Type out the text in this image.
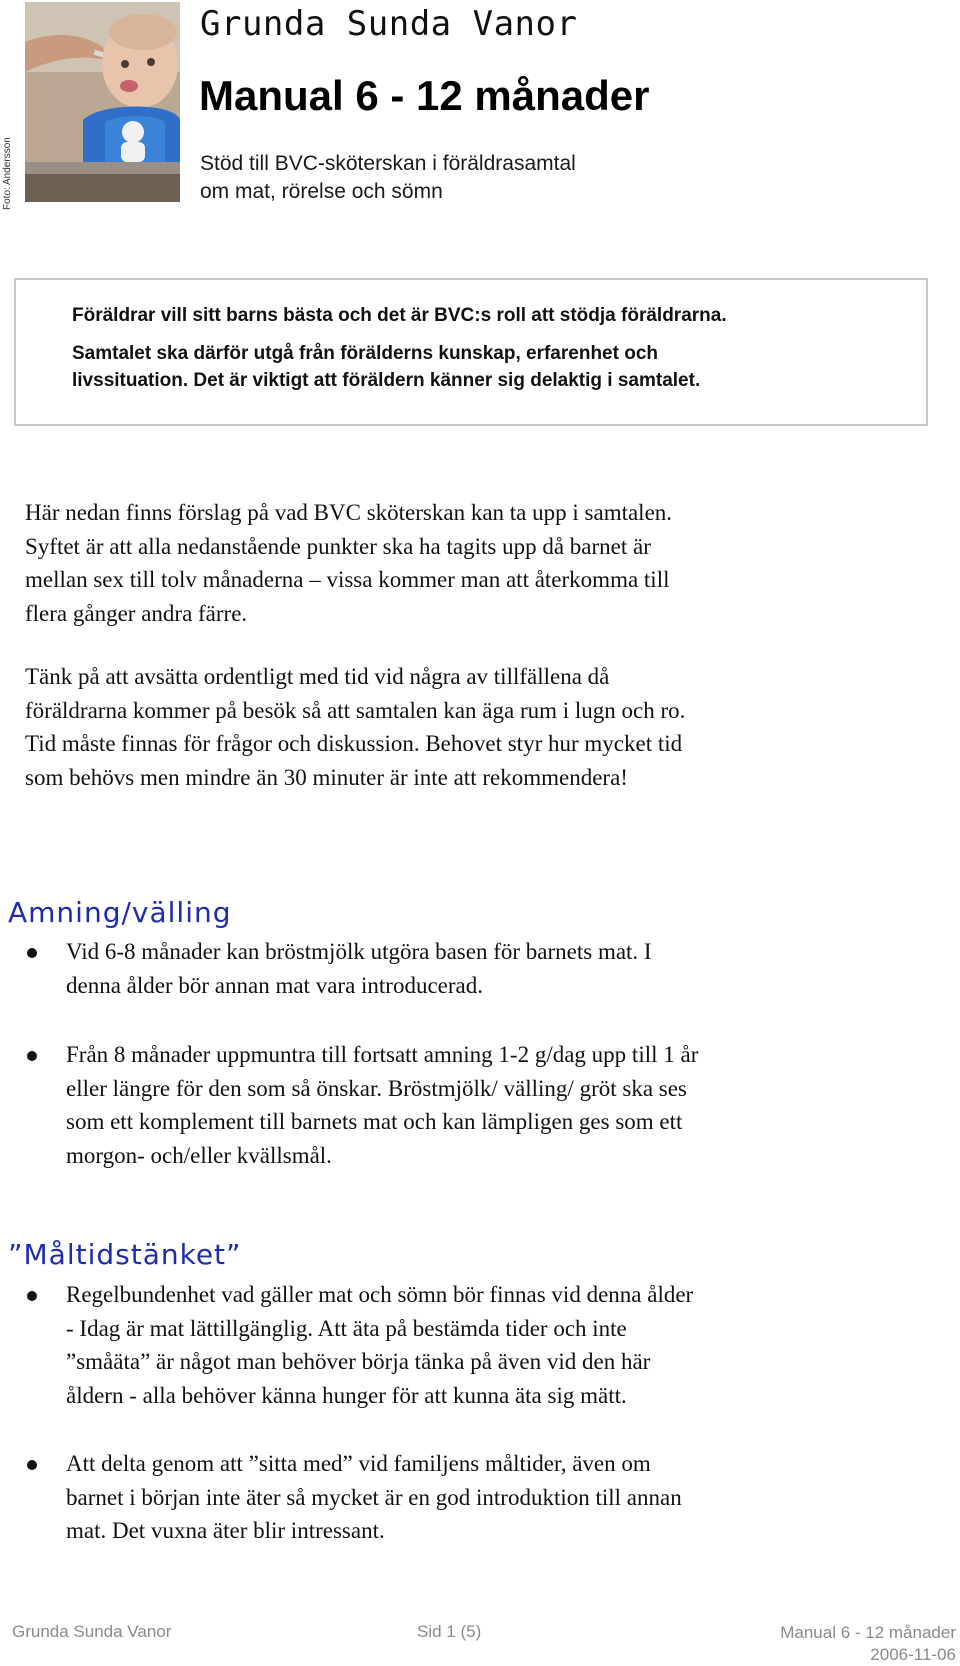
Foto: Andersson
Grunda Sunda Vanor
Manual 6 - 12 månader
Stöd till BVC-sköterskan i föräldrasamtal
om mat, rörelse och sömn

Föräldrar vill sitt barns bästa och det är BVC:s roll att stödja föräldrarna.

Samtalet ska därför utgå från förälderns kunskap, erfarenhet och
livssituation. Det är viktigt att föräldern känner sig delaktig i samtalet.

Här nedan finns förslag på vad BVC sköterskan kan ta upp i samtalen.
Syftet är att alla nedanstående punkter ska ha tagits upp då barnet är
mellan sex till tolv månaderna – vissa kommer man att återkomma till
flera gånger andra färre.

Tänk på att avsätta ordentligt med tid vid några av tillfällena då
föräldrarna kommer på besök så att samtalen kan äga rum i lugn och ro.
Tid måste finnas för frågor och diskussion. Behovet styr hur mycket tid
som behövs men mindre än 30 minuter är inte att rekommendera!

Amning/välling

Vid 6-8 månader kan bröstmjölk utgöra basen för barnets mat. I
denna ålder bör annan mat vara introducerad.

Från 8 månader uppmuntra till fortsatt amning 1-2 g/dag upp till 1 år
eller längre för den som så önskar. Bröstmjölk/ välling/ gröt ska ses
som ett komplement till barnets mat och kan lämpligen ges som ett
morgon- och/eller kvällsmål.

”Måltidstänket”

Regelbundenhet vad gäller mat och sömn bör finnas vid denna ålder
- Idag är mat lättillgänglig. Att äta på bestämda tider och inte
”småäta” är något man behöver börja tänka på även vid den här
åldern - alla behöver känna hunger för att kunna äta sig mätt.

Att delta genom att ”sitta med” vid familjens måltider, även om
barnet i början inte äter så mycket är en god introduktion till annan
mat. Det vuxna äter blir intressant.

Grunda Sunda Vanor	Sid 1 (5)	Manual 6 - 12 månader
2006-11-06
